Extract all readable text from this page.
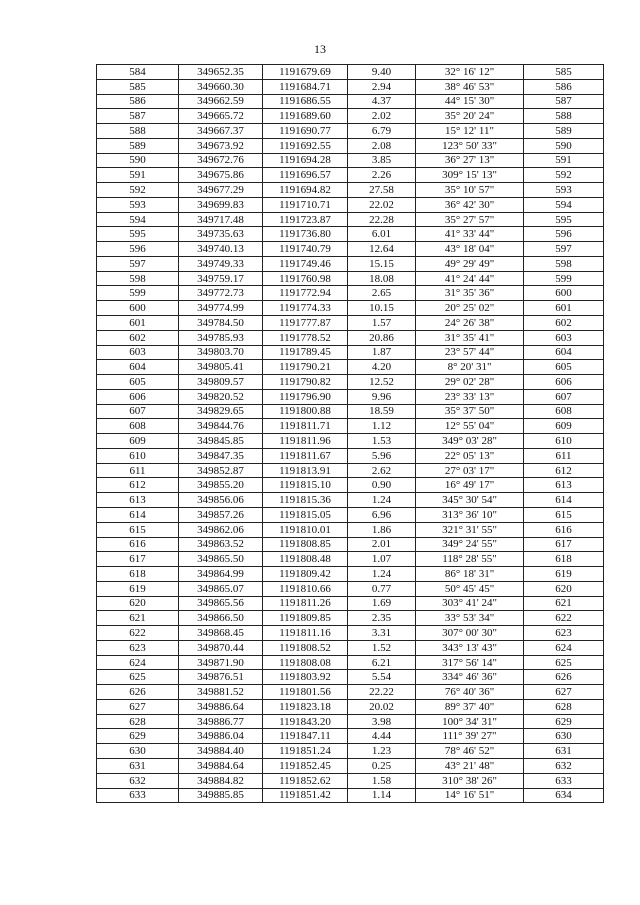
13
584	349652.35	1191679.69	9.40	32° 16' 12"	585
585	349660.30	1191684.71	2.94	38° 46' 53"	586
586	349662.59	1191686.55	4.37	44° 15' 30"	587
587	349665.72	1191689.60	2.02	35° 20' 24"	588
588	349667.37	1191690.77	6.79	15° 12' 11"	589
589	349673.92	1191692.55	2.08	123° 50' 33"	590
590	349672.76	1191694.28	3.85	36° 27' 13"	591
591	349675.86	1191696.57	2.26	309° 15' 13"	592
592	349677.29	1191694.82	27.58	35° 10' 57"	593
593	349699.83	1191710.71	22.02	36° 42' 30"	594
594	349717.48	1191723.87	22.28	35° 27' 57"	595
595	349735.63	1191736.80	6.01	41° 33' 44"	596
596	349740.13	1191740.79	12.64	43° 18' 04"	597
597	349749.33	1191749.46	15.15	49° 29' 49"	598
598	349759.17	1191760.98	18.08	41° 24' 44"	599
599	349772.73	1191772.94	2.65	31° 35' 36"	600
600	349774.99	1191774.33	10.15	20° 25' 02"	601
601	349784.50	1191777.87	1.57	24° 26' 38"	602
602	349785.93	1191778.52	20.86	31° 35' 41"	603
603	349803.70	1191789.45	1.87	23° 57' 44"	604
604	349805.41	1191790.21	4.20	8° 20' 31"	605
605	349809.57	1191790.82	12.52	29° 02' 28"	606
606	349820.52	1191796.90	9.96	23° 33' 13"	607
607	349829.65	1191800.88	18.59	35° 37' 50"	608
608	349844.76	1191811.71	1.12	12° 55' 04"	609
609	349845.85	1191811.96	1.53	349° 03' 28"	610
610	349847.35	1191811.67	5.96	22° 05' 13"	611
611	349852.87	1191813.91	2.62	27° 03' 17"	612
612	349855.20	1191815.10	0.90	16° 49' 17"	613
613	349856.06	1191815.36	1.24	345° 30' 54"	614
614	349857.26	1191815.05	6.96	313° 36' 10"	615
615	349862.06	1191810.01	1.86	321° 31' 55"	616
616	349863.52	1191808.85	2.01	349° 24' 55"	617
617	349865.50	1191808.48	1.07	118° 28' 55"	618
618	349864.99	1191809.42	1.24	86° 18' 31"	619
619	349865.07	1191810.66	0.77	50° 45' 45"	620
620	349865.56	1191811.26	1.69	303° 41' 24"	621
621	349866.50	1191809.85	2.35	33° 53' 34"	622
622	349868.45	1191811.16	3.31	307° 00' 30"	623
623	349870.44	1191808.52	1.52	343° 13' 43"	624
624	349871.90	1191808.08	6.21	317° 56' 14"	625
625	349876.51	1191803.92	5.54	334° 46' 36"	626
626	349881.52	1191801.56	22.22	76° 40' 36"	627
627	349886.64	1191823.18	20.02	89° 37' 40"	628
628	349886.77	1191843.20	3.98	100° 34' 31"	629
629	349886.04	1191847.11	4.44	111° 39' 27"	630
630	349884.40	1191851.24	1.23	78° 46' 52"	631
631	349884.64	1191852.45	0.25	43° 21' 48"	632
632	349884.82	1191852.62	1.58	310° 38' 26"	633
633	349885.85	1191851.42	1.14	14° 16' 51"	634
